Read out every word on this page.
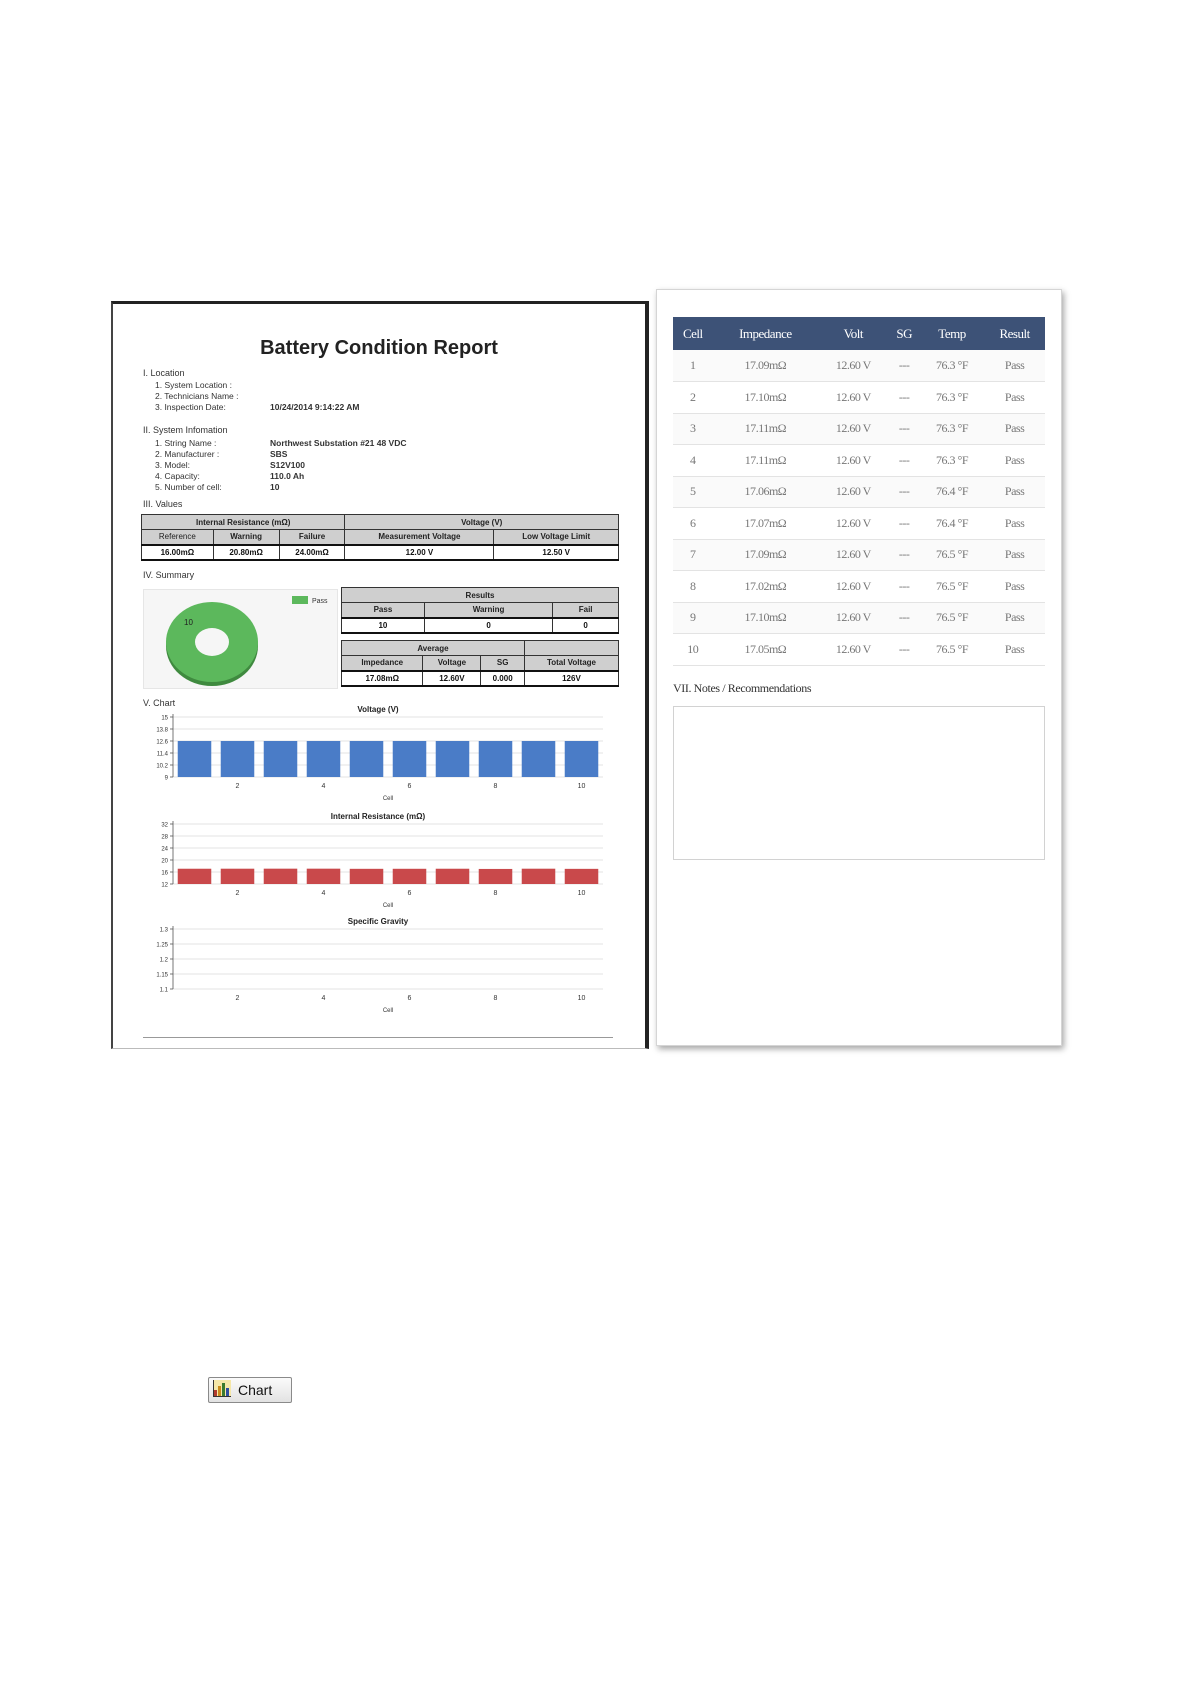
Battery Condition Report
I. Location
1. System Location :
2. Technicians Name :
3. Inspection Date:	10/24/2014 9:14:22 AM
II. System Infomation
1. String Name :	Northwest Substation #21 48 VDC
2. Manufacturer :	SBS
3. Model:	S12V100
4. Capacity:	110.0 Ah
5. Number of cell:	10
III. Values
Internal Resistance (mΩ)			Voltage (V)	
Reference	Warning	Failure	Measurement Voltage	Low Voltage Limit
16.00mΩ	20.80mΩ	24.00mΩ	12.00 V	12.50 V
IV. Summary
10
Pass
Results		
Pass	Warning	Fail
10	0	0
Average			
Impedance	Voltage	SG	Total Voltage
17.08mΩ	12.60V	0.000	126V
V. Chart
Voltage (V)
9
10.2
11.4
12.6
13.8
15
2	4	6	8	10
Cell
Internal Resistance (mΩ)
12
16
20
24
28
32
2	4	6	8	10
Cell
Specific Gravity
1.1
1.15
1.2
1.25
1.3
2	4	6	8	10
Cell
Cell	Impedance	Volt	SG	Temp	Result
1	17.09mΩ	12.60 V	---	76.3 °F	Pass
2	17.10mΩ	12.60 V	---	76.3 °F	Pass
3	17.11mΩ	12.60 V	---	76.3 °F	Pass
4	17.11mΩ	12.60 V	---	76.3 °F	Pass
5	17.06mΩ	12.60 V	---	76.4 °F	Pass
6	17.07mΩ	12.60 V	---	76.4 °F	Pass
7	17.09mΩ	12.60 V	---	76.5 °F	Pass
8	17.02mΩ	12.60 V	---	76.5 °F	Pass
9	17.10mΩ	12.60 V	---	76.5 °F	Pass
10	17.05mΩ	12.60 V	---	76.5 °F	Pass
VII. Notes / Recommendations
Chart
